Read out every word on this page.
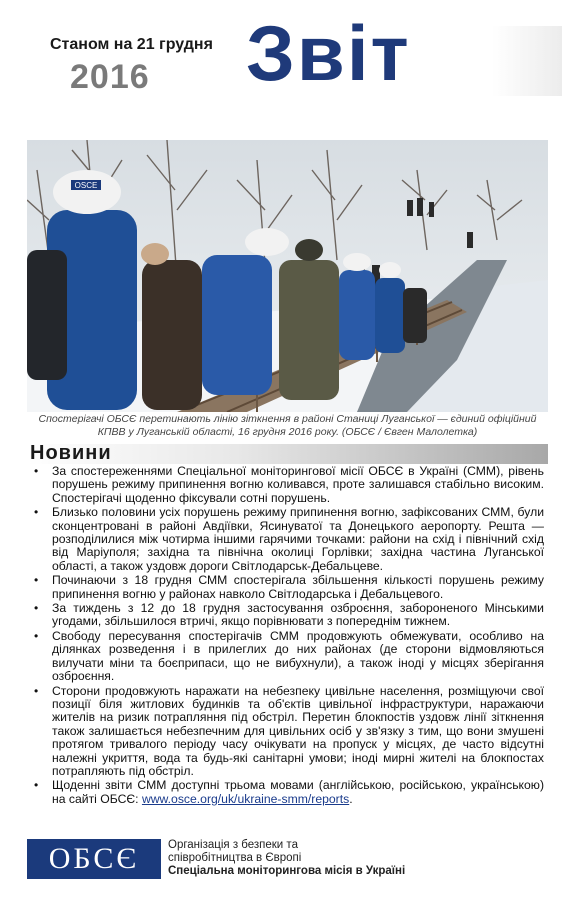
Станом на 21 грудня
2016 Звіт
OSCE
Спостерігачі ОБСЄ перетинають лінію зіткнення в районі Станиці Луганської — єдиний офіційний КПВВ у Луганській області, 16 грудня 2016 року. (ОБСЄ / Євген Малолетка)
Новини
• За спостереженнями Спеціальної моніторингової місії ОБСЄ в Україні (СММ), рівень порушень режиму припинення вогню коливався, проте залишався стабільно високим. Спостерігачі щоденно фіксували сотні порушень.
• Близько половини усіх порушень режиму припинення вогню, зафіксованих СММ, були сконцентровані в районі Авдіївки, Ясинуватої та Донецького аеропорту. Решта — розподілилися між чотирма іншими гарячими точками: райони на схід і північний схід від Маріуполя; західна та північна околиці Горлівки; західна частина Луганської області, а також уздовж дороги Світлодарськ-Дебальцеве.
• Починаючи з 18 грудня СММ спостерігала збільшення кількості порушень режиму припинення вогню у районах навколо Світлодарська і Дебальцевого.
• За тиждень з 12 до 18 грудня застосування озброєння, забороненого Мінськими угодами, збільшилося втричі, якщо порівнювати з попереднім тижнем.
• Свободу пересування спостерігачів СММ продовжують обмежувати, особливо на ділянках розведення і в прилеглих до них районах (де сторони відмовляються вилучати міни та боєприпаси, що не вибухнули), а також іноді у місцях зберігання озброєння.
• Сторони продовжують наражати на небезпеку цивільне населення, розміщуючи свої позиції біля житлових будинків та об'єктів цивільної інфраструктури, наражаючи жителів на ризик потрапляння під обстріл. Перетин блокпостів уздовж лінії зіткнення також залишається небезпечним для цивільних осіб у зв'язку з тим, що вони змушені протягом тривалого періоду часу очікувати на пропуск у місцях, де часто відсутні належні укриття, вода та будь-які санітарні умови; іноді мирні жителі на блокпостах потрапляють під обстріл.
• Щоденні звіти СММ доступні трьома мовами (англійською, російською, українською) на сайті ОБСЄ: www.osce.org/uk/ukraine-smm/reports.
ОБСЄ	Організація з безпеки та
співробітництва в Європі
Спеціальна моніторингова місія в Україні
